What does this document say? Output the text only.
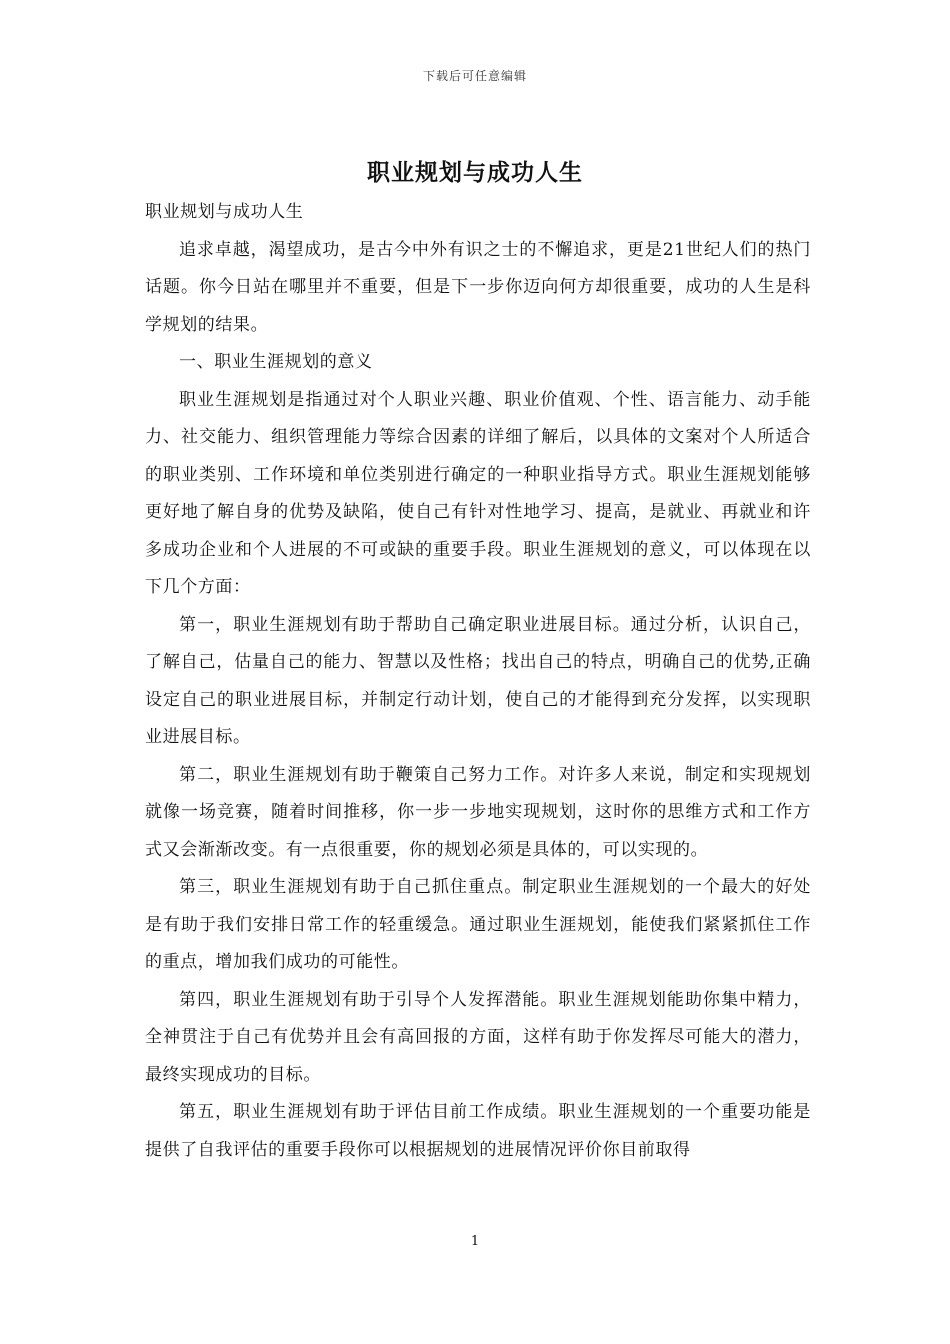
下载后可任意编辑
职业规划与成功人生

职业规划与成功人生

追求卓越，渴望成功，是古今中外有识之士的不懈追求，更是21世纪人们的热门话题。你今日站在哪里并不重要，但是下一步你迈向何方却很重要，成功的人生是科学规划的结果。

一、职业生涯规划的意义

职业生涯规划是指通过对个人职业兴趣、职业价值观、个性、语言能力、动手能力、社交能力、组织管理能力等综合因素的详细了解后，以具体的文案对个人所适合的职业类别、工作环境和单位类别进行确定的一种职业指导方式。职业生涯规划能够更好地了解自身的优势及缺陷，使自己有针对性地学习、提高，是就业、再就业和许多成功企业和个人进展的不可或缺的重要手段。职业生涯规划的意义，可以体现在以下几个方面：

第一，职业生涯规划有助于帮助自己确定职业进展目标。通过分析，认识自己，了解自己，估量自己的能力、智慧以及性格；找出自己的特点，明确自己的优势,正确设定自己的职业进展目标，并制定行动计划，使自己的才能得到充分发挥，以实现职业进展目标。

第二，职业生涯规划有助于鞭策自己努力工作。对许多人来说，制定和实现规划就像一场竞赛，随着时间推移，你一步一步地实现规划，这时你的思维方式和工作方式又会渐渐改变。有一点很重要，你的规划必须是具体的，可以实现的。

第三，职业生涯规划有助于自己抓住重点。制定职业生涯规划的一个最大的好处是有助于我们安排日常工作的轻重缓急。通过职业生涯规划，能使我们紧紧抓住工作的重点，增加我们成功的可能性。

第四，职业生涯规划有助于引导个人发挥潜能。职业生涯规划能助你集中精力，全神贯注于自己有优势并且会有高回报的方面，这样有助于你发挥尽可能大的潜力，最终实现成功的目标。

第五，职业生涯规划有助于评估目前工作成绩。职业生涯规划的一个重要功能是提供了自我评估的重要手段你可以根据规划的进展情况评价你目前取得

1
